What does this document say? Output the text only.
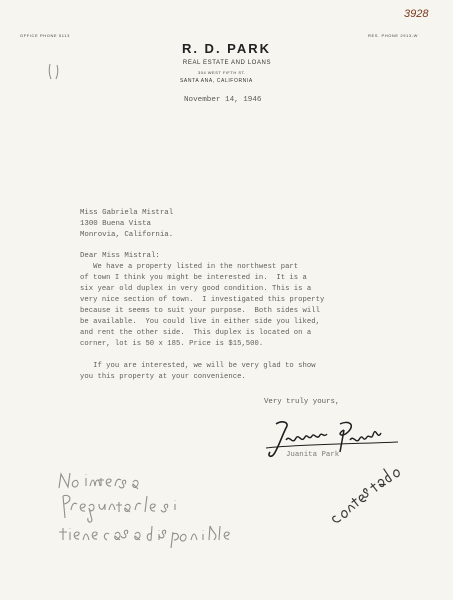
3928
OFFICE PHONE 5113	RES. PHONE 2913-W
R. D. PARK
REAL ESTATE AND LOANS
304 WEST FIFTH ST.
SANTA ANA, CALIFORNIA
November 14, 1946
Miss Gabriela Mistral
1300 Buena Vista
Monrovia, California.
Dear Miss Mistral:
We have a property listed in the northwest part
of town I think you might be interested in.  It is a
six year old duplex in very good condition. This is a
very nice section of town.  I investigated this property
because it seems to suit your purpose.  Both sides will
be available.  You could live in either side you liked,
and rent the other side.  This duplex is located on a
corner, lot is 50 x 185. Price is $15,500.
If you are interested, we will be very glad to show
you this property at your convenience.
Very truly yours,
Juanita Park
